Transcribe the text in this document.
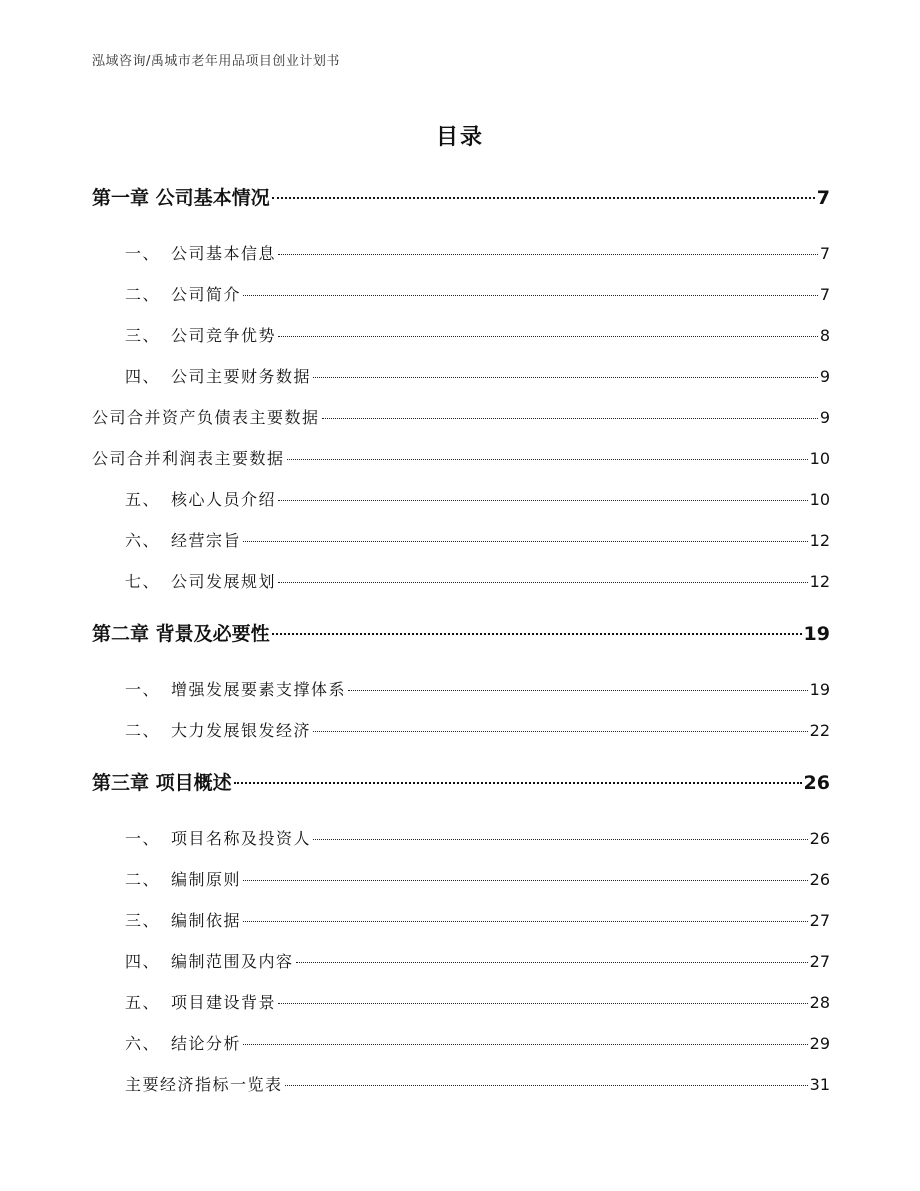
泓域咨询/禹城市老年用品项目创业计划书
目录
第一章 公司基本情况	7
一、 公司基本信息	7
二、 公司简介	7
三、 公司竞争优势	8
四、 公司主要财务数据	9
公司合并资产负债表主要数据	9
公司合并利润表主要数据	10
五、 核心人员介绍	10
六、 经营宗旨	12
七、 公司发展规划	12
第二章 背景及必要性	19
一、 增强发展要素支撑体系	19
二、 大力发展银发经济	22
第三章 项目概述	26
一、 项目名称及投资人	26
二、 编制原则	26
三、 编制依据	27
四、 编制范围及内容	27
五、 项目建设背景	28
六、 结论分析	29
主要经济指标一览表	31
